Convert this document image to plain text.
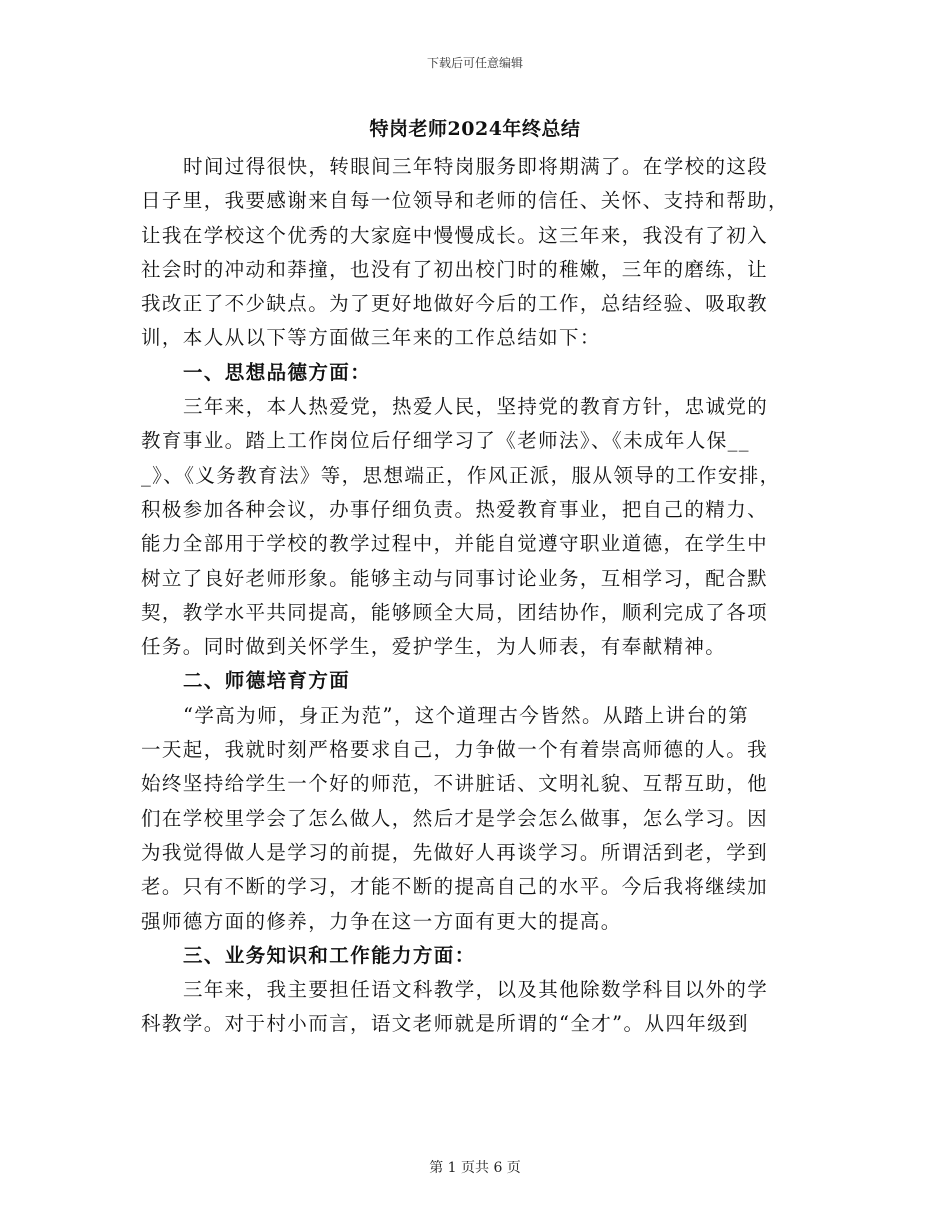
下载后可任意编辑
特岗老师2024年终总结
时间过得很快，转眼间三年特岗服务即将期满了。在学校的这段
日子里，我要感谢来自每一位领导和老师的信任、关怀、支持和帮助，
让我在学校这个优秀的大家庭中慢慢成长。这三年来，我没有了初入
社会时的冲动和莽撞，也没有了初出校门时的稚嫩，三年的磨练，让
我改正了不少缺点。为了更好地做好今后的工作，总结经验、吸取教
训，本人从以下等方面做三年来的工作总结如下：
一、思想品德方面：
三年来，本人热爱党，热爱人民，坚持党的教育方针，忠诚党的
教育事业。踏上工作岗位后仔细学习了《老师法》、《未成年人保__
_》、《义务教育法》等，思想端正，作风正派，服从领导的工作安排，
积极参加各种会议，办事仔细负责。热爱教育事业，把自己的精力、
能力全部用于学校的教学过程中，并能自觉遵守职业道德，在学生中
树立了良好老师形象。能够主动与同事讨论业务，互相学习，配合默
契，教学水平共同提高，能够顾全大局，团结协作，顺利完成了各项
任务。同时做到关怀学生，爱护学生，为人师表，有奉献精神。
二、师德培育方面
“学高为师，身正为范”，这个道理古今皆然。从踏上讲台的第
一天起，我就时刻严格要求自己，力争做一个有着崇高师德的人。我
始终坚持给学生一个好的师范，不讲脏话、文明礼貌、互帮互助，他
们在学校里学会了怎么做人，然后才是学会怎么做事，怎么学习。因
为我觉得做人是学习的前提，先做好人再谈学习。所谓活到老，学到
老。只有不断的学习，才能不断的提高自己的水平。今后我将继续加
强师德方面的修养，力争在这一方面有更大的提高。
三、业务知识和工作能力方面：
三年来，我主要担任语文科教学，以及其他除数学科目以外的学
科教学。对于村小而言，语文老师就是所谓的“全才”。从四年级到
第 1 页共 6 页
